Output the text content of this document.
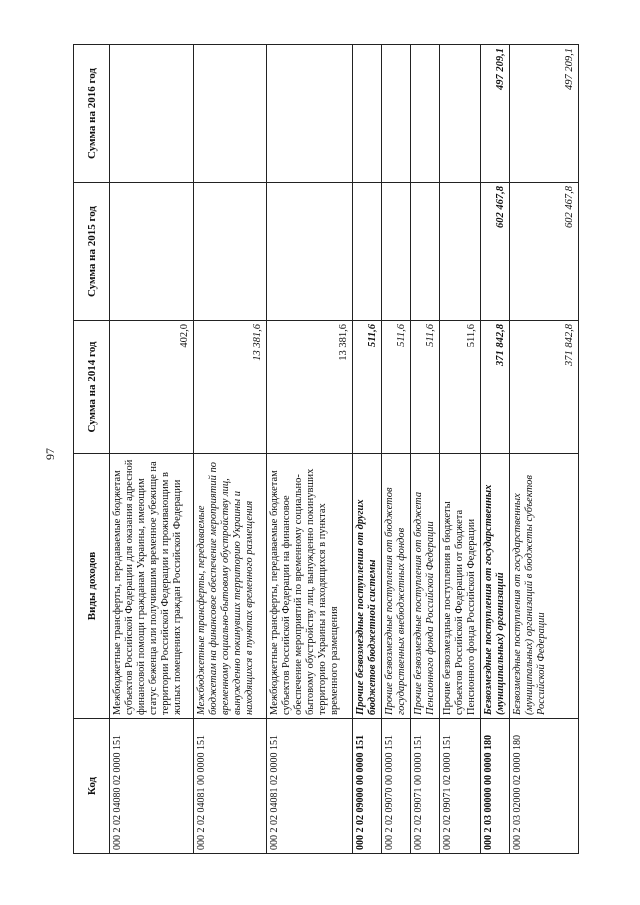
97
Код	Виды доходов	Сумма на 2014 год	Сумма на 2015 год	Сумма на 2016 год
000 2 02 04080 02 0000 151	Межбюджетные трансферты, передаваемые бюджетам субъектов Российской Федерации для оказания адресной финансовой помощи гражданам Украины, имеющим статус беженца или получившим временное убежище на территории Российской Федерации и проживающим в жилых помещениях граждан Российской Федерации	402,0		
000 2 02 04081 00 0000 151	Межбюджетные трансферты, передаваемые бюджетам на финансовое обеспечение мероприятий по временному социально-бытовому обустройству лиц, вынужденно покинувших территорию Украины и находящихся в пунктах временного размещения	13 381,6		
000 2 02 04081 02 0000 151	Межбюджетные трансферты, передаваемые бюджетам субъектов Российской Федерации на финансовое обеспечение мероприятий по временному социально-бытовому обустройству лиц, вынужденно покинувших территорию Украины и находящихся в пунктах временного размещения	13 381,6		
000 2 02 09000 00 0000 151	Прочие безвозмездные поступления от других бюджетов бюджетной системы	511,6		
000 2 02 09070 00 0000 151	Прочие безвозмездные поступления от бюджетов государственных внебюджетных фондов	511,6		
000 2 02 09071 00 0000 151	Прочие безвозмездные поступления от бюджета Пенсионного фонда Российской Федерации	511,6		
000 2 02 09071 02 0000 151	Прочие безвозмездные поступления в бюджеты субъектов Российской Федерации от бюджета Пенсионного фонда Российской Федерации	511,6		
000 2 03 00000 00 0000 180	Безвозмездные поступления от государственных (муниципальных) организаций	371 842,8	602 467,8	497 209,1
000 2 03 02000 02 0000 180	Безвозмездные поступления от государственных (муниципальных) организаций в бюджеты субъектов Российской Федерации	371 842,8	602 467,8	497 209,1
